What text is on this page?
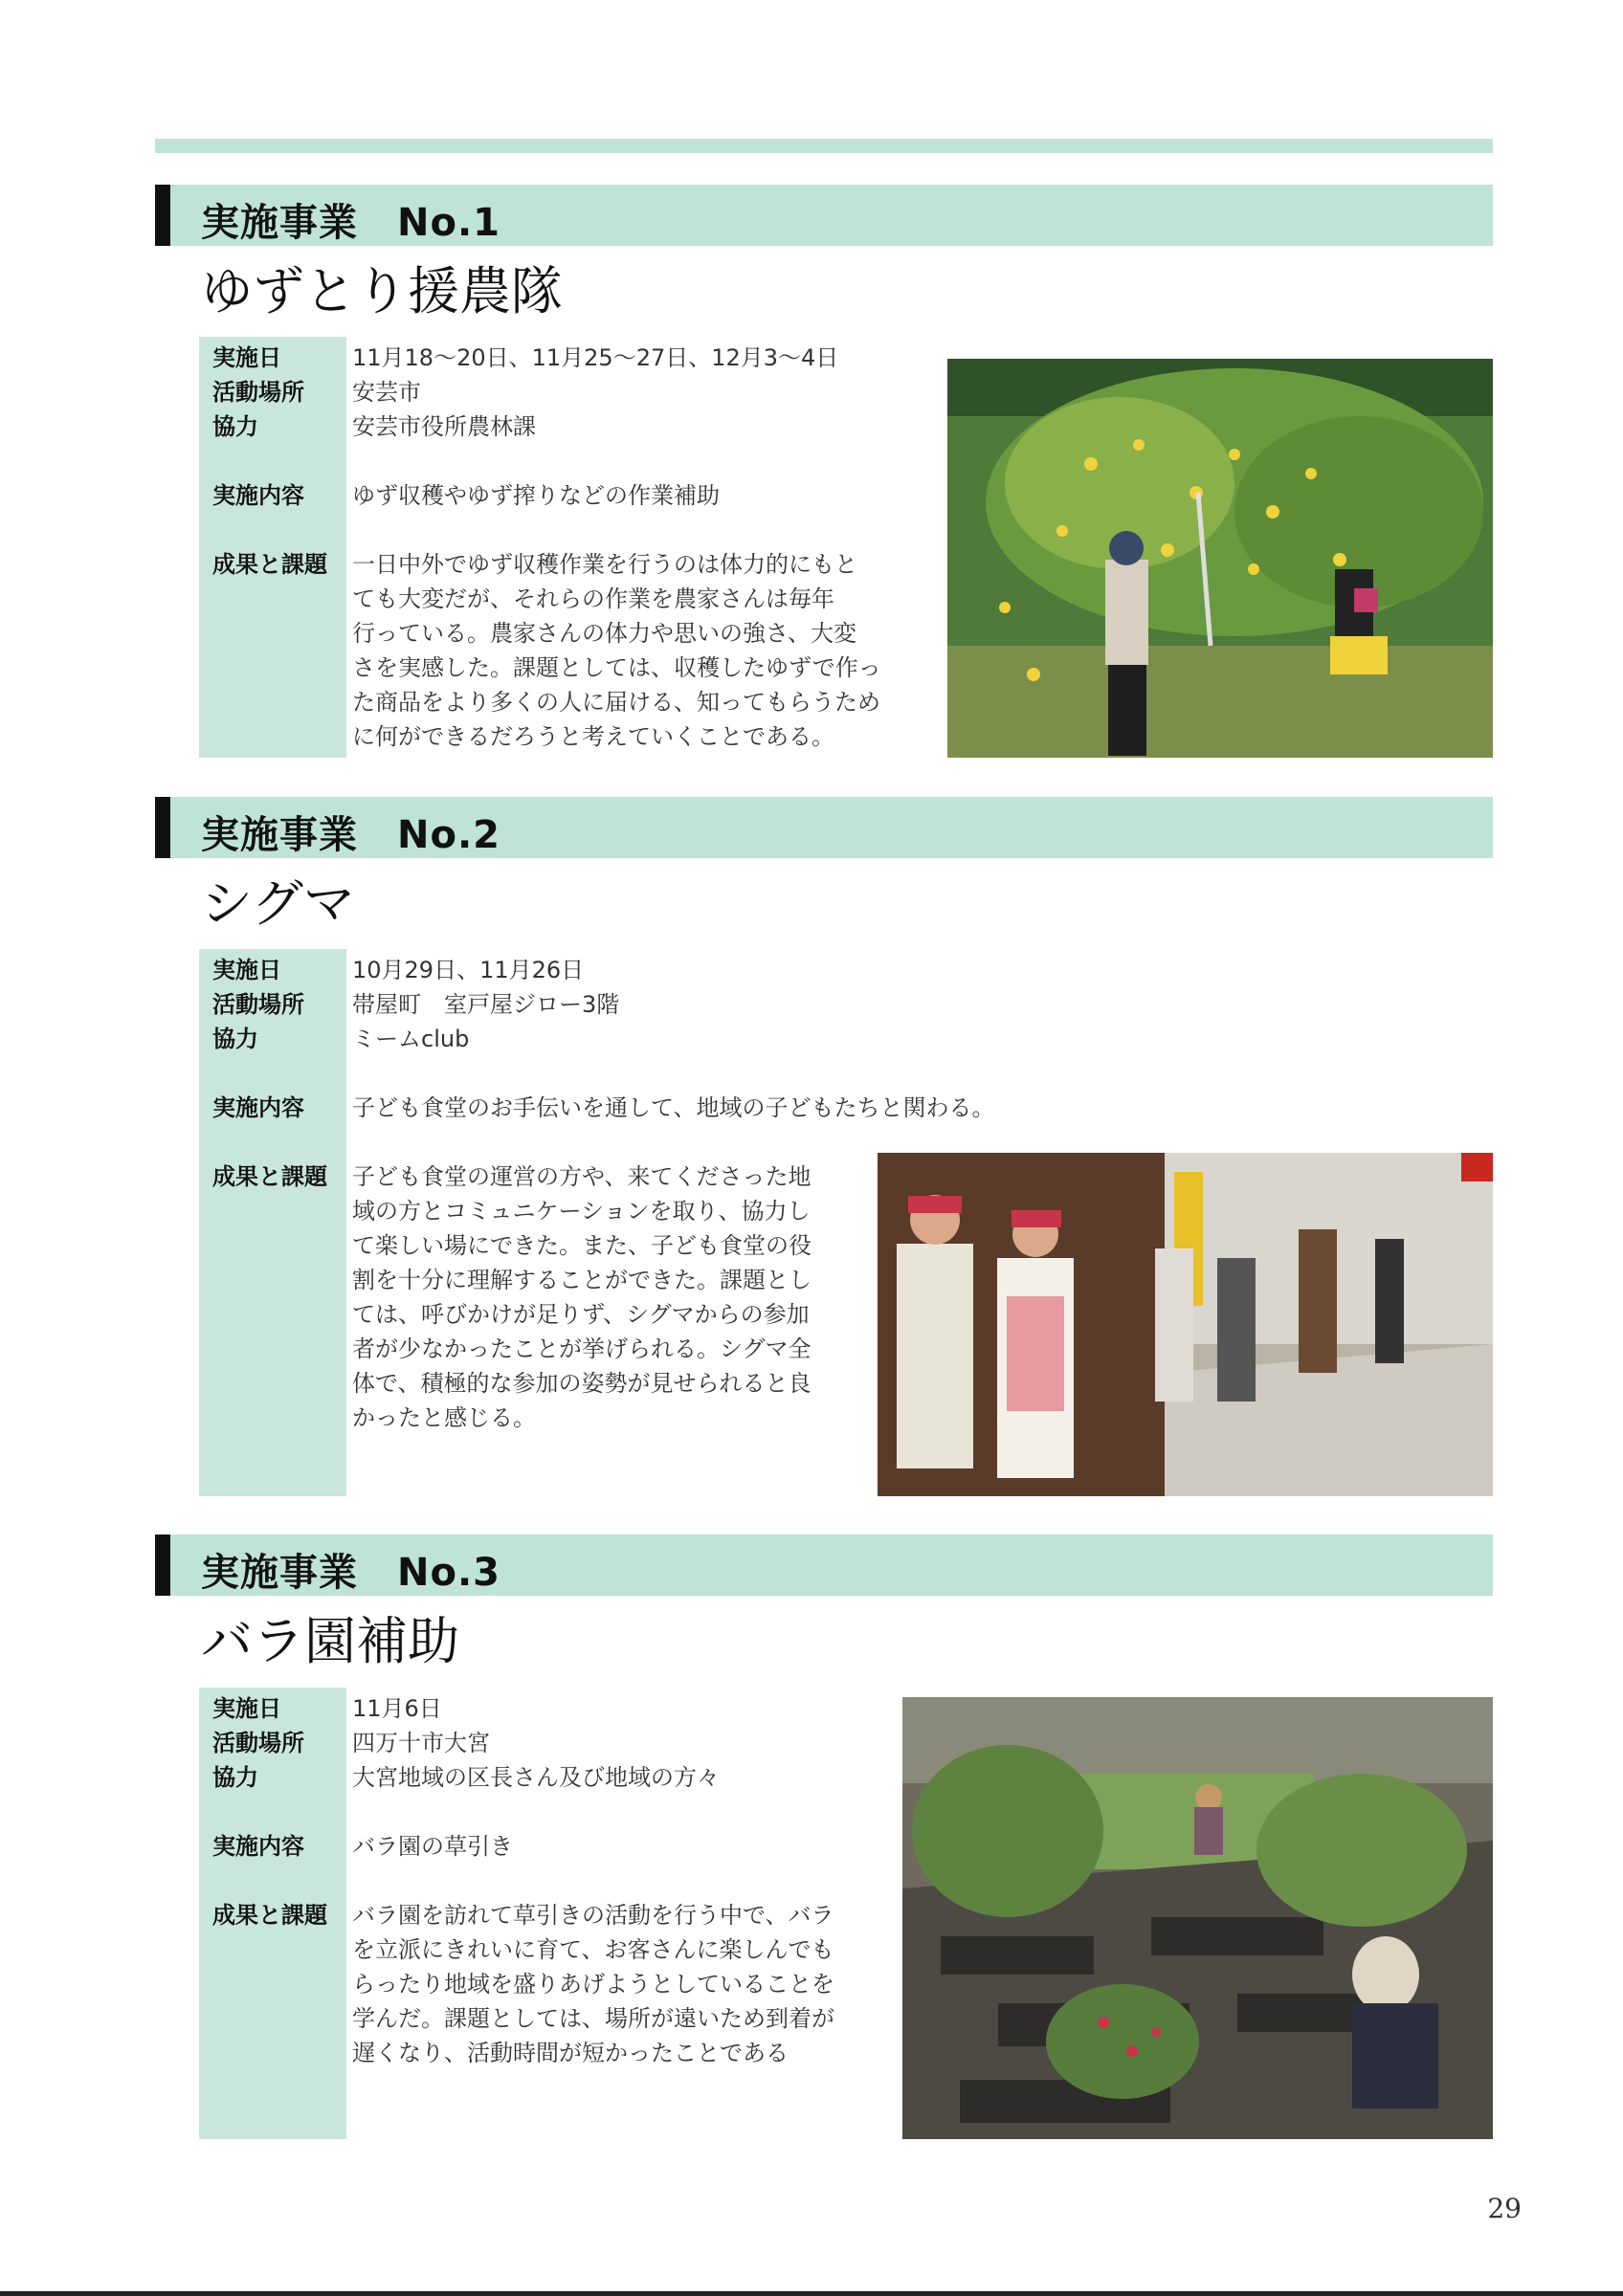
実施事業　No.1
ゆずとり援農隊
実施日	11月18～20日、11月25～27日、12月3～4日
活動場所	安芸市
協力	安芸市役所農林課
実施内容	ゆず収穫やゆず搾りなどの作業補助
成果と課題 一日中外でゆず収穫作業を行うのは体力的にもと
ても大変だが、それらの作業を農家さんは毎年
行っている。農家さんの体力や思いの強さ、大変
さを実感した。課題としては、収穫したゆずで作っ
た商品をより多くの人に届ける、知ってもらうため
に何ができるだろうと考えていくことである。
実施事業　No.2
シグマ
実施日	10月29日、11月26日
活動場所	帯屋町　室戸屋ジロー3階
協力	ミームclub
実施内容	子ども食堂のお手伝いを通して、地域の子どもたちと関わる。
成果と課題 子ども食堂の運営の方や、来てくださった地
域の方とコミュニケーションを取り、協力し
て楽しい場にできた。また、子ども食堂の役
割を十分に理解することができた。課題とし
ては、呼びかけが足りず、シグマからの参加
者が少なかったことが挙げられる。シグマ全
体で、積極的な参加の姿勢が見せられると良
かったと感じる。
実施事業　No.3
バラ園補助
実施日	11月6日
活動場所	四万十市大宮
協力	大宮地域の区長さん及び地域の方々
実施内容	バラ園の草引き
成果と課題 バラ園を訪れて草引きの活動を行う中で、バラ
を立派にきれいに育て、お客さんに楽しんでも
らったり地域を盛りあげようとしていることを
学んだ。課題としては、場所が遠いため到着が
遅くなり、活動時間が短かったことである
29
